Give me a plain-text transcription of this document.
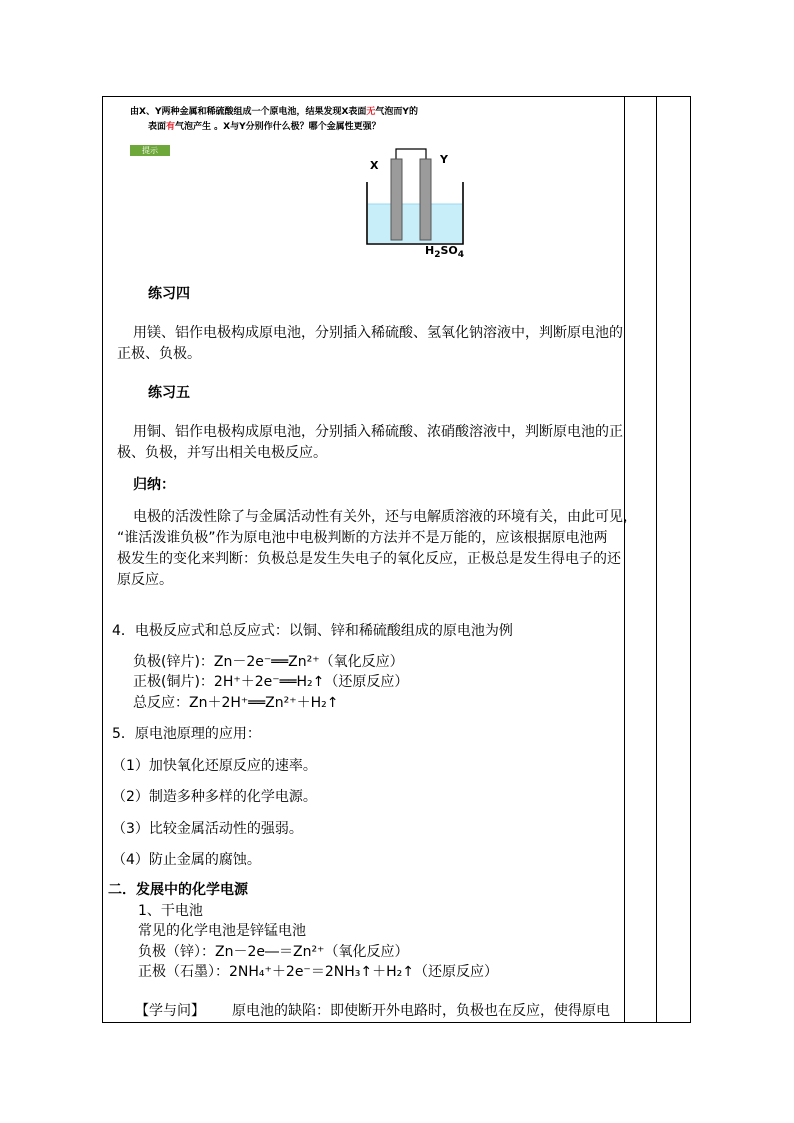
由X、Y两种金属和稀硫酸组成一个原电池，结果发现X表面无气泡而Y的
表面有气泡产生 。X与Y分别作什么极？哪个金属性更强？
提示
X	Y
$H_2SO_4$
练习四
用镁、铝作电极构成原电池，分别插入稀硫酸、氢氧化钠溶液中，判断原电池的
正极、负极。
练习五
用铜、铝作电极构成原电池，分别插入稀硫酸、浓硝酸溶液中，判断原电池的正
极、负极，并写出相关电极反应。
归纳：
电极的活泼性除了与金属活动性有关外，还与电解质溶液的环境有关，由此可见，
“谁活泼谁负极”作为原电池中电极判断的方法并不是万能的，应该根据原电池两
极发生的变化来判断：负极总是发生失电子的氧化反应，正极总是发生得电子的还
原反应。
4．电极反应式和总反应式：以铜、锌和稀硫酸组成的原电池为例
负极(锌片)：Zn－2e⁻══Zn²⁺（氧化反应）
正极(铜片)：2H⁺＋2e⁻══H₂↑（还原反应）
总反应：Zn＋2H⁺══Zn²⁺＋H₂↑
5．原电池原理的应用：
（1）加快氧化还原反应的速率。
（2）制造多种多样的化学电源。
（3）比较金属活动性的强弱。
（4）防止金属的腐蚀。
二．发展中的化学电源
1、干电池
常见的化学电池是锌锰电池
负极（锌）：Zn－2e―＝Zn²⁺（氧化反应）
正极（石墨）：2NH₄⁺＋2e⁻＝2NH₃↑＋H₂↑（还原反应）
【学与问】 原电池的缺陷：即使断开外电路时，负极也在反应，使得原电
